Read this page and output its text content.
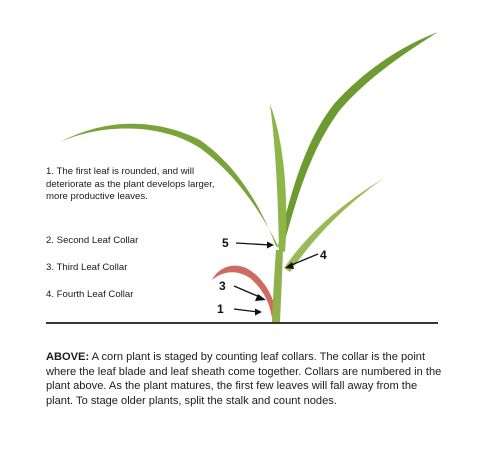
1
3
5
4
1. The first leaf is rounded, and will deteriorate as the plant develops larger, more productive leaves.
2. Second Leaf Collar
3. Third Leaf Collar
4. Fourth Leaf Collar
ABOVE: A corn plant is staged by counting leaf collars. The collar is the point where the leaf blade and leaf sheath come together. Collars are numbered in the plant above. As the plant matures, the first few leaves will fall away from the plant. To stage older plants, split the stalk and count nodes.
